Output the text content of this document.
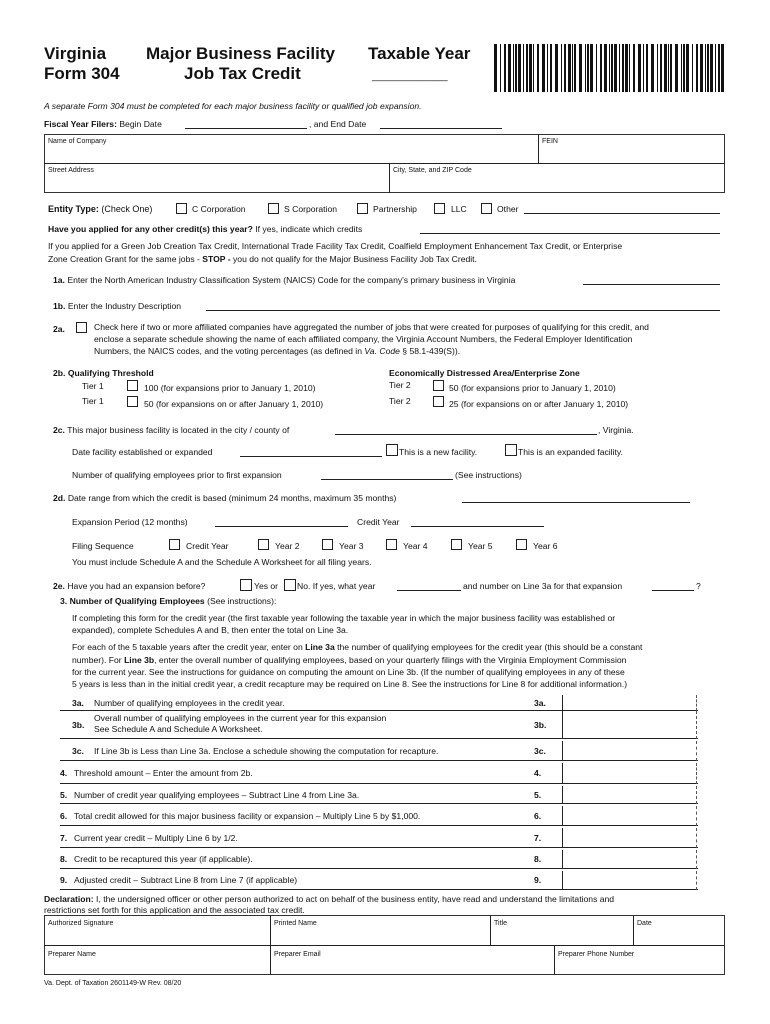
Virginia
Form 304
Major Business Facility
Job Tax Credit
Taxable Year
________
A separate Form 304 must be completed for each major business facility or qualified job expansion.
Fiscal Year Filers: Begin Date	, and End Date
Name of Company	FEIN
Street Address	City, State, and ZIP Code
Entity Type: (Check One)	C Corporation	S Corporation	Partnership	LLC	Other
Have you applied for any other credit(s) this year? If yes, indicate which credits
If you applied for a Green Job Creation Tax Credit, International Trade Facility Tax Credit, Coalfield Employment Enhancement Tax Credit, or Enterprise
Zone Creation Grant for the same jobs - STOP - you do not qualify for the Major Business Facility Job Tax Credit.
1a. Enter the North American Industry Classification System (NAICS) Code for the company's primary business in Virginia
1b. Enter the Industry Description
2a.	Check here if two or more affiliated companies have aggregated the number of jobs that were created for purposes of qualifying for this credit, and
enclose a separate schedule showing the name of each affiliated company, the Virginia Account Numbers, the Federal Employer Identification
Numbers, the NAICS codes, and the voting percentages (as defined in Va. Code § 58.1-439(S)).
2b. Qualifying Threshold
Tier 1	100 (for expansions prior to January 1, 2010)
Tier 1	50 (for expansions on or after January 1, 2010)
Economically Distressed Area/Enterprise Zone
Tier 2	50 (for expansions prior to January 1, 2010)
Tier 2	25 (for expansions on or after January 1, 2010)
2c. This major business facility is located in the city / county of	, Virginia.
Date facility established or expanded	This is a new facility.	This is an expanded facility.
Number of qualifying employees prior to first expansion	(See instructions)
2d. Date range from which the credit is based (minimum 24 months, maximum 35 months)
Expansion Period (12 months)	Credit Year
Filing Sequence	Credit Year	Year 2	Year 3	Year 4	Year 5	Year 6
You must include Schedule A and the Schedule A Worksheet for all filing years.
2e. Have you had an expansion before?	Yes or No. If yes, what year	and number on Line 3a for that expansion	?
3. Number of Qualifying Employees (See instructions):
If completing this form for the credit year (the first taxable year following the taxable year in which the major business facility was established or
expanded), complete Schedules A and B, then enter the total on Line 3a.
For each of the 5 taxable years after the credit year, enter on Line 3a the number of qualifying employees for the credit year (this should be a constant
number). For Line 3b, enter the overall number of qualifying employees, based on your quarterly filings with the Virginia Employment Commission
for the current year. See the instructions for guidance on computing the amount on Line 3b. (If the number of qualifying employees in any of these
5 years is less than in the initial credit year, a credit recapture may be required on Line 8. See the instructions for Line 8 for additional information.)
3a. Number of qualifying employees in the credit year.	3a.
3b.
Overall number of qualifying employees in the current year for this expansion
See Schedule A and Schedule A Worksheet.	3b.
3c. If Line 3b is Less than Line 3a. Enclose a schedule showing the computation for recapture.	3c.
4. Threshold amount – Enter the amount from 2b.	4.
5. Number of credit year qualifying employees – Subtract Line 4 from Line 3a.	5.
6. Total credit allowed for this major business facility or expansion – Multiply Line 5 by $1,000.	6.
7. Current year credit – Multiply Line 6 by 1/2.	7.
8. Credit to be recaptured this year (if applicable).	8.
9. Adjusted credit – Subtract Line 8 from Line 7 (if applicable)	9.
Declaration: I, the undersigned officer or other person authorized to act on behalf of the business entity, have read and understand the limitations and
restrictions set forth for this application and the associated tax credit.
Authorized Signature	Printed Name	Title	Date
Preparer Name	Preparer Email	Preparer Phone Number
Va. Dept. of Taxation 2601149-W Rev. 08/20
